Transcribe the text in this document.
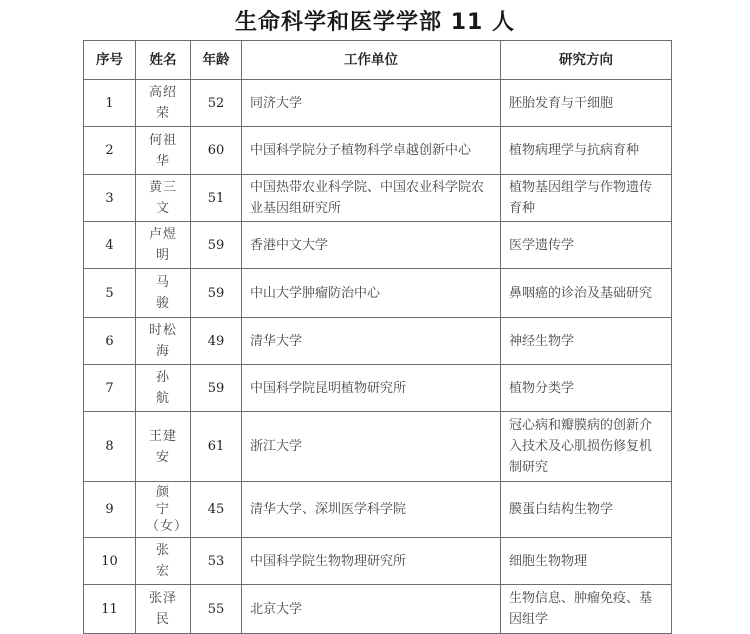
生命科学和医学学部 11 人
序号	姓名	年龄	工作单位	研究方向
1	高绍荣	52	同济大学	胚胎发育与干细胞
2	何祖华	60	中国科学院分子植物科学卓越创新中心	植物病理学与抗病育种
3	黄三文	51	中国热带农业科学院、中国农业科学院农业基因组研究所	植物基因组学与作物遗传育种
4	卢煜明	59	香港中文大学	医学遗传学
5	马　骏	59	中山大学肿瘤防治中心	鼻咽癌的诊治及基础研究
6	时松海	49	清华大学	神经生物学
7	孙　航	59	中国科学院昆明植物研究所	植物分类学
8	王建安	61	浙江大学	冠心病和瓣膜病的创新介入技术及心肌损伤修复机制研究
9	颜　宁（女）	45	清华大学、深圳医学科学院	膜蛋白结构生物学
10	张　宏	53	中国科学院生物物理研究所	细胞生物物理
11	张泽民	55	北京大学	生物信息、肿瘤免疫、基因组学
